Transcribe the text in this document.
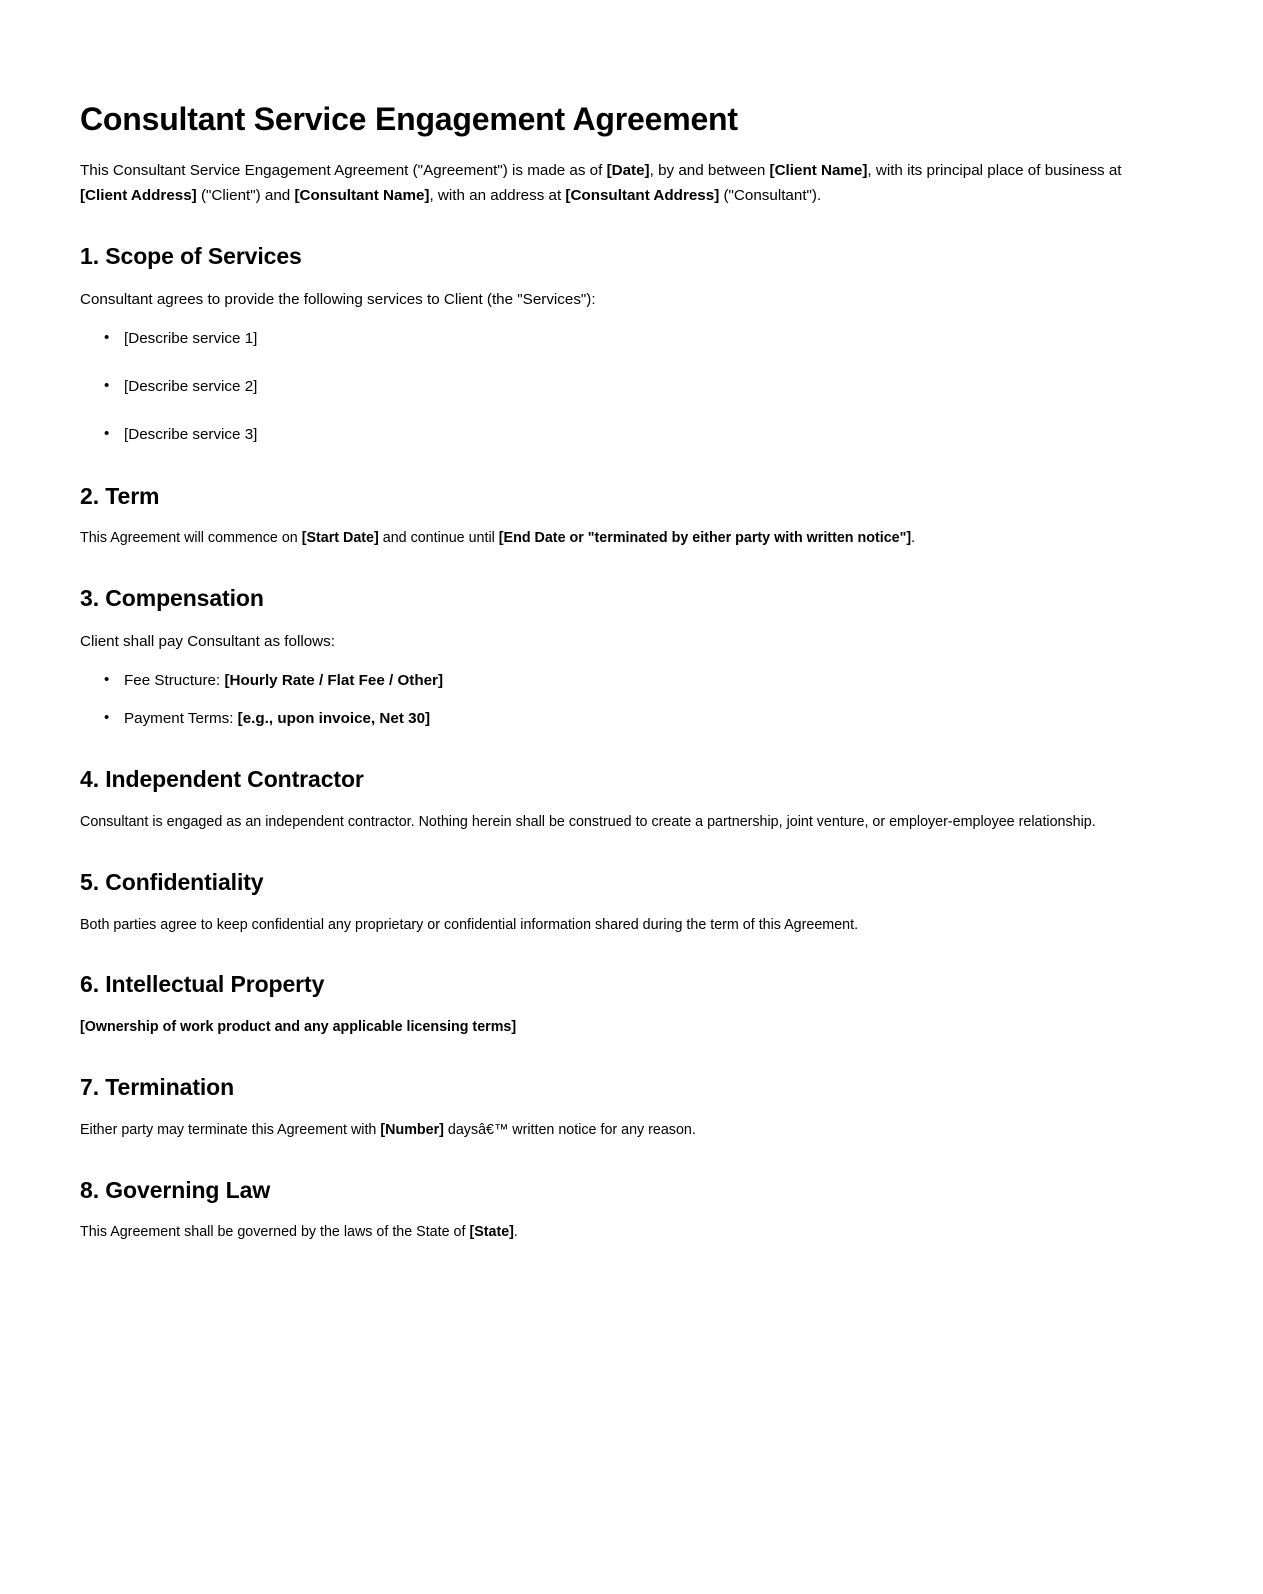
Consultant Service Engagement Agreement

This Consultant Service Engagement Agreement ("Agreement") is made as of [Date], by and between [Client Name], with its principal place of business at [Client Address] ("Client") and [Consultant Name], with an address at [Consultant Address] ("Consultant").

1. Scope of Services

Consultant agrees to provide the following services to Client (the "Services"):

• [Describe service 1]
• [Describe service 2]
• [Describe service 3]
2. Term

This Agreement will commence on [Start Date] and continue until [End Date or "terminated by either party with written notice"].

3. Compensation

Client shall pay Consultant as follows:

• Fee Structure: [Hourly Rate / Flat Fee / Other]
• Payment Terms: [e.g., upon invoice, Net 30]
4. Independent Contractor

Consultant is engaged as an independent contractor. Nothing herein shall be construed to create a partnership, joint venture, or employer-employee relationship.

5. Confidentiality

Both parties agree to keep confidential any proprietary or confidential information shared during the term of this Agreement.

6. Intellectual Property

[Ownership of work product and any applicable licensing terms]

7. Termination

Either party may terminate this Agreement with [Number] daysâ€™ written notice for any reason.

8. Governing Law

This Agreement shall be governed by the laws of the State of [State].
